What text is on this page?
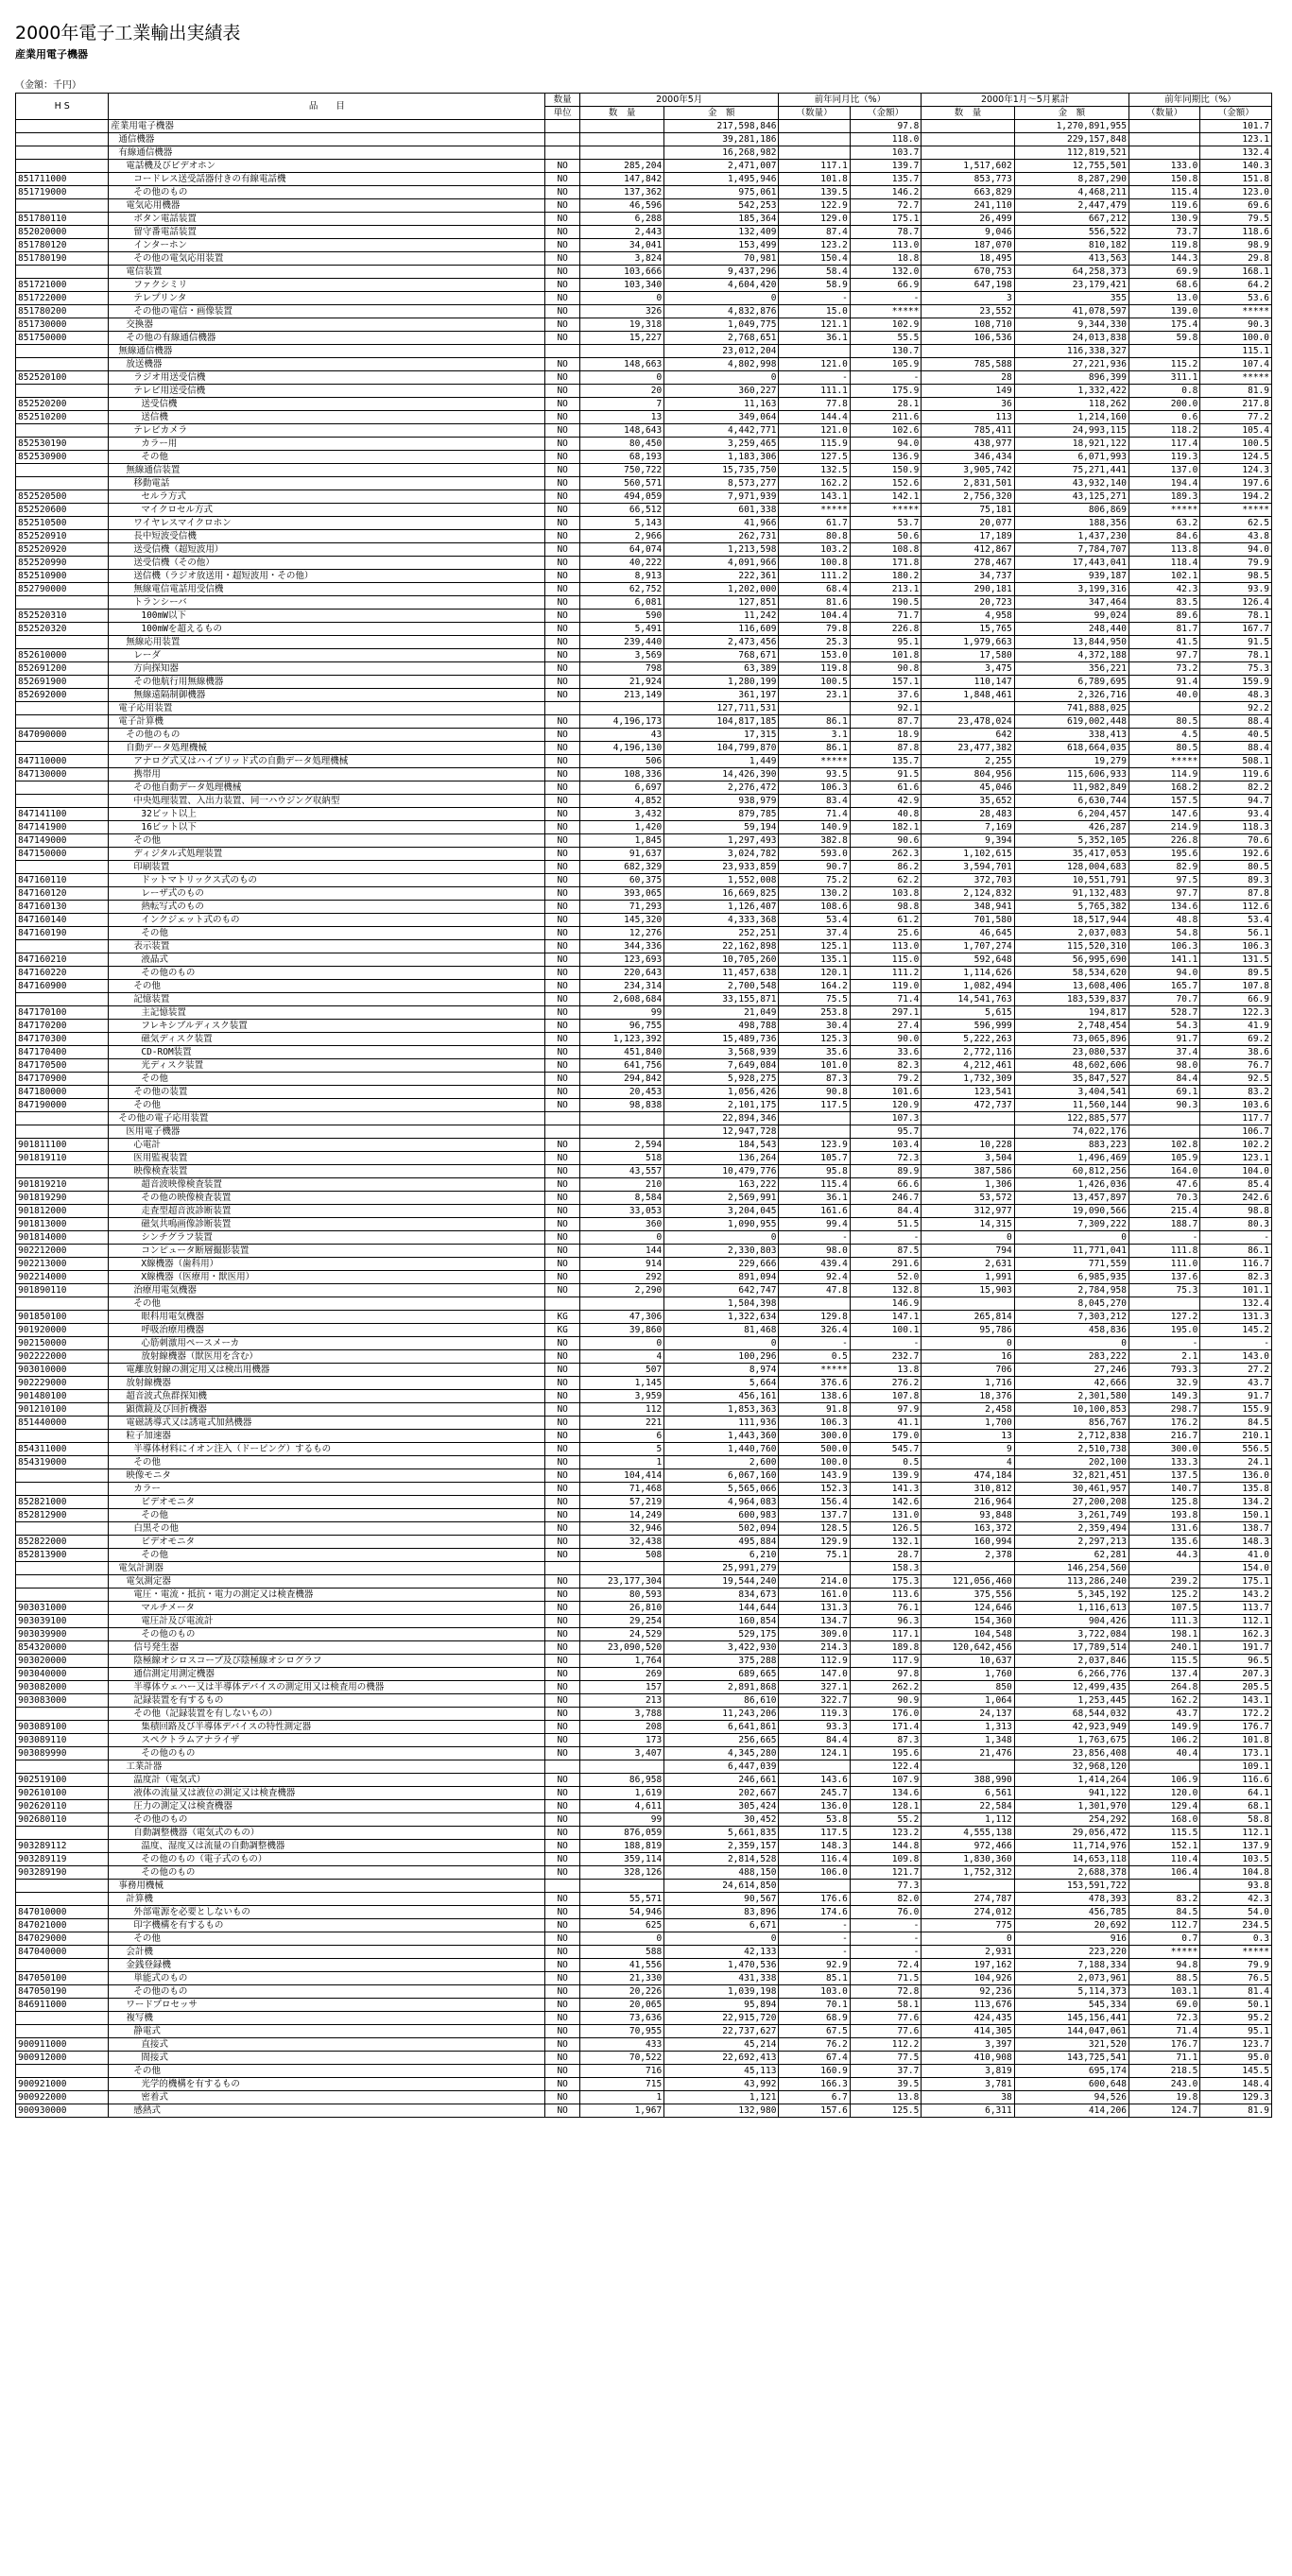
2000年電子工業輸出実績表
産業用電子機器
（金額：千円）
H S	品　　目	数量	2000年5月		前年同月比（%）		2000年1月～5月累計		前年同期比（%）	
		単位	数　量	金　額	（数量）	（金額）	数　量	金　額	（数量）	（金額）
	産業用電子機器			217,598,846		97.8		1,270,891,955		101.7
	通信機器			39,281,186		118.0		229,157,848		123.1
	有線通信機器			16,268,982		103.7		112,819,521		132.4
	電話機及びビデオホン	NO	285,204	2,471,007	117.1	139.7	1,517,602	12,755,501	133.0	140.3
851711000	コードレス送受話器付きの有線電話機	NO	147,842	1,495,946	101.8	135.7	853,773	8,287,290	150.8	151.8
851719000	その他のもの	NO	137,362	975,061	139.5	146.2	663,829	4,468,211	115.4	123.0
	電気応用機器	NO	46,596	542,253	122.9	72.7	241,110	2,447,479	119.6	69.6
851780110	ボタン電話装置	NO	6,288	185,364	129.0	175.1	26,499	667,212	130.9	79.5
852020000	留守番電話装置	NO	2,443	132,409	87.4	78.7	9,046	556,522	73.7	118.6
851780120	インターホン	NO	34,041	153,499	123.2	113.0	187,070	810,182	119.8	98.9
851780190	その他の電気応用装置	NO	3,824	70,981	150.4	18.8	18,495	413,563	144.3	29.8
	電信装置	NO	103,666	9,437,296	58.4	132.0	670,753	64,258,373	69.9	168.1
851721000	ファクシミリ	NO	103,340	4,604,420	58.9	66.9	647,198	23,179,421	68.6	64.2
851722000	テレプリンタ	NO	0	0	-	-	3	355	13.0	53.6
851780200	その他の電信・画像装置	NO	326	4,832,876	15.0	*****	23,552	41,078,597	139.0	*****
851730000	交換器	NO	19,318	1,049,775	121.1	102.9	108,710	9,344,330	175.4	90.3
851750000	その他の有線通信機器	NO	15,227	2,768,651	36.1	55.5	106,536	24,013,838	59.8	100.0
	無線通信機器			23,012,204		130.7		116,338,327		115.1
	放送機器	NO	148,663	4,802,998	121.0	105.9	785,588	27,221,936	115.2	107.4
852520100	ラジオ用送受信機	NO	0	0	-	-	28	896,399	311.1	*****
	テレビ用送受信機	NO	20	360,227	111.1	175.9	149	1,332,422	0.8	81.9
852520200	送受信機	NO	7	11,163	77.8	28.1	36	118,262	200.0	217.8
852510200	送信機	NO	13	349,064	144.4	211.6	113	1,214,160	0.6	77.2
	テレビカメラ	NO	148,643	4,442,771	121.0	102.6	785,411	24,993,115	118.2	105.4
852530190	カラー用	NO	80,450	3,259,465	115.9	94.0	438,977	18,921,122	117.4	100.5
852530900	その他	NO	68,193	1,183,306	127.5	136.9	346,434	6,071,993	119.3	124.5
	無線通信装置	NO	750,722	15,735,750	132.5	150.9	3,905,742	75,271,441	137.0	124.3
	移動電話	NO	560,571	8,573,277	162.2	152.6	2,831,501	43,932,140	194.4	197.6
852520500	セルラ方式	NO	494,059	7,971,939	143.1	142.1	2,756,320	43,125,271	189.3	194.2
852520600	マイクロセル方式	NO	66,512	601,338	*****	*****	75,181	806,869	*****	*****
852510500	ワイヤレスマイクロホン	NO	5,143	41,966	61.7	53.7	20,077	188,356	63.2	62.5
852520910	長中短波受信機	NO	2,966	262,731	80.8	50.6	17,189	1,437,230	84.6	43.8
852520920	送受信機（超短波用）	NO	64,074	1,213,598	103.2	108.8	412,867	7,784,707	113.8	94.0
852520990	送受信機（その他）	NO	40,222	4,091,966	100.8	171.8	278,467	17,443,041	118.4	79.9
852510900	送信機（ラジオ放送用・超短波用・その他）	NO	8,913	222,361	111.2	180.2	34,737	939,187	102.1	98.5
852790000	無線電信電話用受信機	NO	62,752	1,202,000	68.4	213.1	290,181	3,199,316	42.3	93.9
	トランシーバ	NO	6,081	127,851	81.6	190.5	20,723	347,464	83.5	126.4
852520310	100mW以下	NO	590	11,242	104.4	71.7	4,958	99,024	89.6	78.1
852520320	100mWを超えるもの	NO	5,491	116,609	79.8	226.8	15,765	248,440	81.7	167.7
	無線応用装置	NO	239,440	2,473,456	25.3	95.1	1,979,663	13,844,950	41.5	91.5
852610000	レーダ	NO	3,569	768,671	153.0	101.8	17,580	4,372,188	97.7	78.1
852691200	方向探知器	NO	798	63,389	119.8	90.8	3,475	356,221	73.2	75.3
852691900	その他航行用無線機器	NO	21,924	1,280,199	100.5	157.1	110,147	6,789,695	91.4	159.9
852692000	無線遠隔制御機器	NO	213,149	361,197	23.1	37.6	1,848,461	2,326,716	40.0	48.3
	電子応用装置			127,711,531		92.1		741,888,025		92.2
	電子計算機	NO	4,196,173	104,817,185	86.1	87.7	23,478,024	619,002,448	80.5	88.4
847090000	その他のもの	NO	43	17,315	3.1	18.9	642	338,413	4.5	40.5
	自動データ処理機械	NO	4,196,130	104,799,870	86.1	87.8	23,477,382	618,664,035	80.5	88.4
847110000	アナログ式又はハイブリッド式の自動データ処理機械	NO	506	1,449	*****	135.7	2,255	19,279	*****	508.1
847130000	携帯用	NO	108,336	14,426,390	93.5	91.5	804,956	115,606,933	114.9	119.6
	その他自動データ処理機械	NO	6,697	2,276,472	106.3	61.6	45,046	11,982,849	168.2	82.2
	中央処理装置、入出力装置、同一ハウジング収納型	NO	4,852	938,979	83.4	42.9	35,652	6,630,744	157.5	94.7
847141100	32ビット以上	NO	3,432	879,785	71.4	40.8	28,483	6,204,457	147.6	93.4
847141900	16ビット以下	NO	1,420	59,194	140.9	182.1	7,169	426,287	214.9	118.3
847149000	その他	NO	1,845	1,297,493	382.8	90.6	9,394	5,352,105	226.8	70.6
847150000	ディジタル式処理装置	NO	91,637	3,024,782	593.0	262.3	1,102,615	35,417,053	195.6	192.6
	印刷装置	NO	682,329	23,933,859	90.7	86.2	3,594,701	128,004,683	82.9	80.5
847160110	ドットマトリックス式のもの	NO	60,375	1,552,008	75.2	62.2	372,703	10,551,791	97.5	89.3
847160120	レーザ式のもの	NO	393,065	16,669,825	130.2	103.8	2,124,832	91,132,483	97.7	87.8
847160130	熱転写式のもの	NO	71,293	1,126,407	108.6	98.8	348,941	5,765,382	134.6	112.6
847160140	インクジェット式のもの	NO	145,320	4,333,368	53.4	61.2	701,580	18,517,944	48.8	53.4
847160190	その他	NO	12,276	252,251	37.4	25.6	46,645	2,037,083	54.8	56.1
	表示装置	NO	344,336	22,162,898	125.1	113.0	1,707,274	115,520,310	106.3	106.3
847160210	液晶式	NO	123,693	10,705,260	135.1	115.0	592,648	56,995,690	141.1	131.5
847160220	その他のもの	NO	220,643	11,457,638	120.1	111.2	1,114,626	58,534,620	94.0	89.5
847160900	その他	NO	234,314	2,700,548	164.2	119.0	1,082,494	13,608,406	165.7	107.8
	記憶装置	NO	2,608,684	33,155,871	75.5	71.4	14,541,763	183,539,837	70.7	66.9
847170100	主記憶装置	NO	99	21,049	253.8	297.1	5,615	194,817	528.7	122.3
847170200	フレキシブルディスク装置	NO	96,755	498,788	30.4	27.4	596,999	2,748,454	54.3	41.9
847170300	磁気ディスク装置	NO	1,123,392	15,489,736	125.3	90.0	5,222,263	73,065,896	91.7	69.2
847170400	CD-ROM装置	NO	451,840	3,568,939	35.6	33.6	2,772,116	23,080,537	37.4	38.6
847170500	光ディスク装置	NO	641,756	7,649,084	101.0	82.3	4,212,461	48,602,606	98.0	76.7
847170900	その他	NO	294,842	5,928,275	87.3	79.2	1,732,309	35,847,527	84.4	92.5
847180000	その他の装置	NO	20,453	1,056,426	90.8	101.6	123,541	3,404,541	69.1	83.2
847190000	その他	NO	98,838	2,101,175	117.5	120.9	472,737	11,560,144	90.3	103.6
	その他の電子応用装置			22,894,346		107.3		122,885,577		117.7
	医用電子機器			12,947,728		95.7		74,022,176		106.7
901811100	心電計	NO	2,594	184,543	123.9	103.4	10,228	883,223	102.8	102.2
901819110	医用監視装置	NO	518	136,264	105.7	72.3	3,504	1,496,469	105.9	123.1
	映像検査装置	NO	43,557	10,479,776	95.8	89.9	387,586	60,812,256	164.0	104.0
901819210	超音波映像検査装置	NO	210	163,222	115.4	66.6	1,306	1,426,036	47.6	85.4
901819290	その他の映像検査装置	NO	8,584	2,569,991	36.1	246.7	53,572	13,457,897	70.3	242.6
901812000	走査型超音波診断装置	NO	33,053	3,204,045	161.6	84.4	312,977	19,090,566	215.4	98.8
901813000	磁気共鳴画像診断装置	NO	360	1,090,955	99.4	51.5	14,315	7,309,222	188.7	80.3
901814000	シンチグラフ装置	NO	0	0	-	-	0	0	-	-
902212000	コンピュータ断層撮影装置	NO	144	2,330,803	98.0	87.5	794	11,771,041	111.8	86.1
902213000	X線機器（歯科用）	NO	914	229,666	439.4	291.6	2,631	771,559	111.0	116.7
902214000	X線機器（医療用・獣医用）	NO	292	891,094	92.4	52.0	1,991	6,985,935	137.6	82.3
901890110	治療用電気機器	NO	2,290	642,747	47.8	132.8	15,903	2,784,958	75.3	101.1
	その他			1,504,398		146.9		8,045,270		132.4
901850100	眼科用電気機器	KG	47,306	1,322,634	129.8	147.1	265,814	7,303,212	127.2	131.3
901920000	呼吸治療用機器	KG	39,860	81,468	326.4	100.1	95,786	458,836	195.0	145.2
902150000	心筋刺激用ペースメーカ	NO	0	0	-	-	0	0	-	-
902222000	放射線機器（獣医用を含む）	NO	4	100,296	0.5	232.7	16	283,222	2.1	143.0
903010000	電離放射線の測定用又は検出用機器	NO	507	8,974	*****	13.8	706	27,246	793.3	27.2
902229000	放射線機器	NO	1,145	5,664	376.6	276.2	1,716	42,666	32.9	43.7
901480100	超音波式魚群探知機	NO	3,959	456,161	138.6	107.8	18,376	2,301,580	149.3	91.7
901210100	顕微鏡及び回折機器	NO	112	1,853,363	91.8	97.9	2,458	10,100,853	298.7	155.9
851440000	電磁誘導式又は誘電式加熱機器	NO	221	111,936	106.3	41.1	1,700	856,767	176.2	84.5
	粒子加速器	NO	6	1,443,360	300.0	179.0	13	2,712,838	216.7	210.1
854311000	半導体材料にイオン注入（ドーピング）するもの	NO	5	1,440,760	500.0	545.7	9	2,510,738	300.0	556.5
854319000	その他	NO	1	2,600	100.0	0.5	4	202,100	133.3	24.1
	映像モニタ	NO	104,414	6,067,160	143.9	139.9	474,184	32,821,451	137.5	136.0
	カラー	NO	71,468	5,565,066	152.3	141.3	310,812	30,461,957	140.7	135.8
852821000	ビデオモニタ	NO	57,219	4,964,083	156.4	142.6	216,964	27,200,208	125.8	134.2
852812900	その他	NO	14,249	600,983	137.7	131.0	93,848	3,261,749	193.8	150.1
	白黒その他	NO	32,946	502,094	128.5	126.5	163,372	2,359,494	131.6	138.7
852822000	ビデオモニタ	NO	32,438	495,884	129.9	132.1	160,994	2,297,213	135.6	148.3
852813900	その他	NO	508	6,210	75.1	28.7	2,378	62,281	44.3	41.0
	電気計測器			25,991,279		158.3		146,254,560		154.0
	電気測定器	NO	23,177,304	19,544,240	214.0	175.3	121,056,460	113,286,240	239.2	175.1
	電圧・電流・抵抗・電力の測定又は検査機器	NO	80,593	834,673	161.0	113.6	375,556	5,345,192	125.2	143.2
903031000	マルチメータ	NO	26,810	144,644	131.3	76.1	124,646	1,116,613	107.5	113.7
903039100	電圧計及び電流計	NO	29,254	160,854	134.7	96.3	154,360	904,426	111.3	112.1
903039900	その他のもの	NO	24,529	529,175	309.0	117.1	104,548	3,722,084	198.1	162.3
854320000	信号発生器	NO	23,090,520	3,422,930	214.3	189.8	120,642,456	17,789,514	240.1	191.7
903020000	陰極線オシロスコープ及び陰極線オシログラフ	NO	1,764	375,288	112.9	117.9	10,637	2,037,846	115.5	96.5
903040000	通信測定用測定機器	NO	269	689,665	147.0	97.8	1,760	6,266,776	137.4	207.3
903082000	半導体ウェハー又は半導体デバイスの測定用又は検査用の機器	NO	157	2,891,868	327.1	262.2	850	12,499,435	264.8	205.5
903083000	記録装置を有するもの	NO	213	86,610	322.7	90.9	1,064	1,253,445	162.2	143.1
	その他（記録装置を有しないもの）	NO	3,788	11,243,206	119.3	176.0	24,137	68,544,032	43.7	172.2
903089100	集積回路及び半導体デバイスの特性測定器	NO	208	6,641,861	93.3	171.4	1,313	42,923,949	149.9	176.7
903089110	スペクトラムアナライザ	NO	173	256,665	84.4	87.3	1,348	1,763,675	106.2	101.8
903089990	その他のもの	NO	3,407	4,345,280	124.1	195.6	21,476	23,856,408	40.4	173.1
	工業計器			6,447,039		122.4		32,968,120		109.1
902519100	温度計（電気式）	NO	86,958	246,661	143.6	107.9	388,990	1,414,264	106.9	116.6
902610100	液体の流量又は液位の測定又は検査機器	NO	1,619	202,667	245.7	134.6	6,561	941,122	120.0	64.1
902620110	圧力の測定又は検査機器	NO	4,611	305,424	136.0	128.1	22,584	1,301,970	129.4	68.1
902680110	その他のもの	NO	99	30,452	53.8	55.2	1,112	254,292	168.0	58.8
	自動調整機器（電気式のもの）	NO	876,059	5,661,835	117.5	123.2	4,555,138	29,056,472	115.5	112.1
903289112	温度、湿度又は流量の自動調整機器	NO	188,819	2,359,157	148.3	144.8	972,466	11,714,976	152.1	137.9
903289119	その他のもの（電子式のもの）	NO	359,114	2,814,528	116.4	109.8	1,830,360	14,653,118	110.4	103.5
903289190	その他のもの	NO	328,126	488,150	106.0	121.7	1,752,312	2,688,378	106.4	104.8
	事務用機械			24,614,850		77.3		153,591,722		93.8
	計算機	NO	55,571	90,567	176.6	82.0	274,787	478,393	83.2	42.3
847010000	外部電源を必要としないもの	NO	54,946	83,896	174.6	76.0	274,012	456,785	84.5	54.0
847021000	印字機構を有するもの	NO	625	6,671	-	-	775	20,692	112.7	234.5
847029000	その他	NO	0	0	-	-	0	916	0.7	0.3
847040000	会計機	NO	588	42,133	-	-	2,931	223,220	*****	*****
	金銭登録機	NO	41,556	1,470,536	92.9	72.4	197,162	7,188,334	94.8	79.9
847050100	単能式のもの	NO	21,330	431,338	85.1	71.5	104,926	2,073,961	88.5	76.5
847050190	その他のもの	NO	20,226	1,039,198	103.0	72.8	92,236	5,114,373	103.1	81.4
846911000	ワードプロセッサ	NO	20,065	95,894	70.1	58.1	113,676	545,334	69.0	50.1
	複写機	NO	73,636	22,915,720	68.9	77.6	424,435	145,156,441	72.3	95.2
	静電式	NO	70,955	22,737,627	67.5	77.6	414,305	144,047,061	71.4	95.1
900911000	直接式	NO	433	45,214	76.2	112.2	3,397	321,520	176.7	123.7
900912000	間接式	NO	70,522	22,692,413	67.4	77.5	410,908	143,725,541	71.1	95.0
	その他	NO	716	45,113	160.9	37.7	3,819	695,174	218.5	145.5
900921000	光学的機構を有するもの	NO	715	43,992	166.3	39.5	3,781	600,648	243.0	148.4
900922000	密着式	NO	1	1,121	6.7	13.8	38	94,526	19.8	129.3
900930000	感熱式	NO	1,967	132,980	157.6	125.5	6,311	414,206	124.7	81.9
